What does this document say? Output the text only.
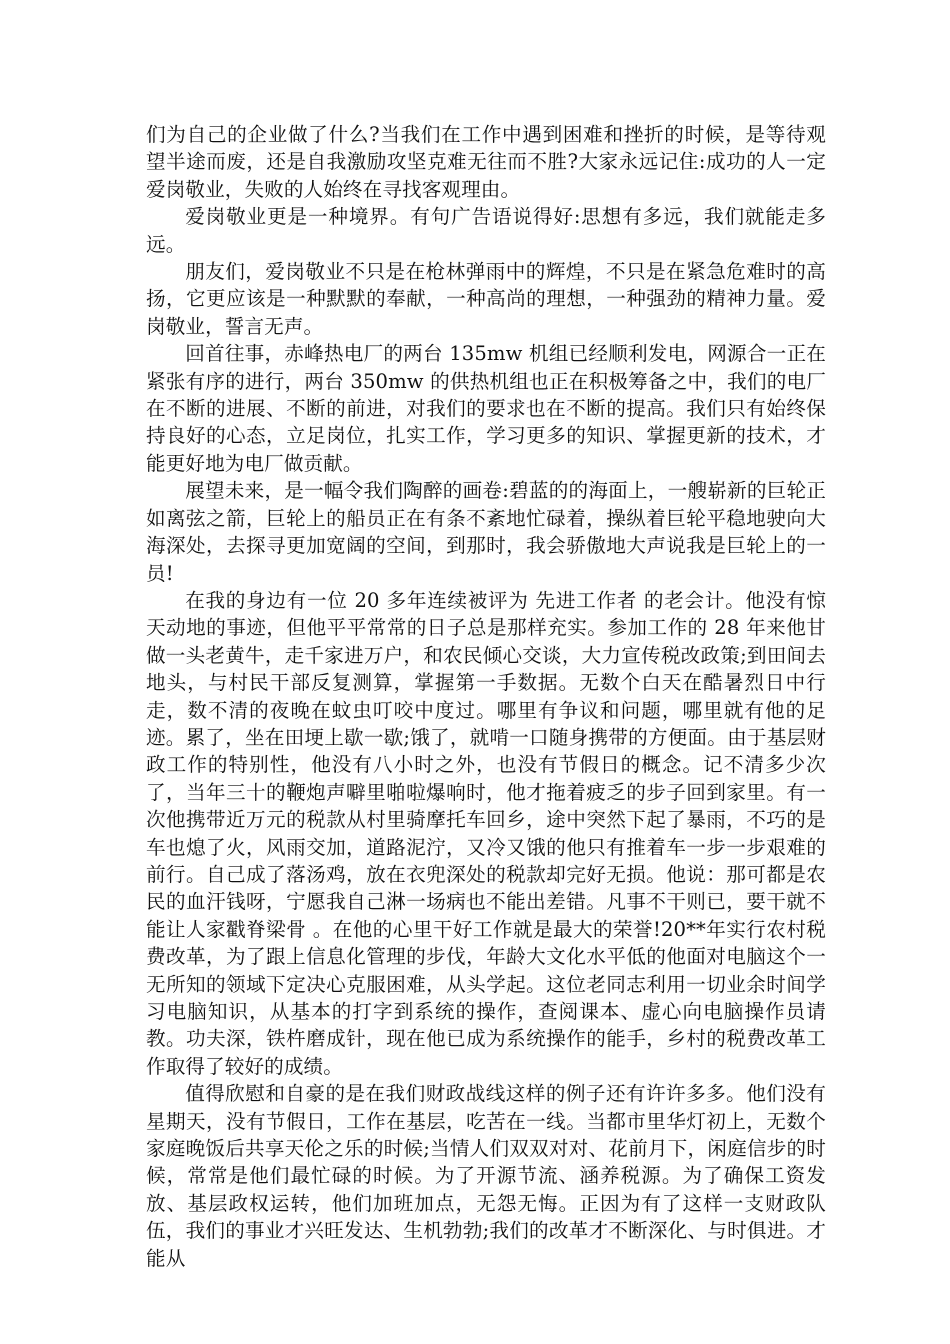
们为自己的企业做了什么?当我们在工作中遇到困难和挫折的时候，是等待观望半途而废，还是自我激励攻坚克难无往而不胜?大家永远记住:成功的人一定爱岗敬业，失败的人始终在寻找客观理由。

爱岗敬业更是一种境界。有句广告语说得好:思想有多远，我们就能走多远。

朋友们，爱岗敬业不只是在枪林弹雨中的辉煌，不只是在紧急危难时的高扬，它更应该是一种默默的奉献，一种高尚的理想，一种强劲的精神力量。爱岗敬业，誓言无声。

回首往事，赤峰热电厂的两台 135mw 机组已经顺利发电，网源合一正在紧张有序的进行，两台 350mw 的供热机组也正在积极筹备之中，我们的电厂在不断的进展、不断的前进，对我们的要求也在不断的提高。我们只有始终保持良好的心态，立足岗位，扎实工作，学习更多的知识、掌握更新的技术，才能更好地为电厂做贡献。

展望未来，是一幅令我们陶醉的画卷:碧蓝的的海面上，一艘崭新的巨轮正如离弦之箭，巨轮上的船员正在有条不紊地忙碌着，操纵着巨轮平稳地驶向大海深处，去探寻更加宽阔的空间，到那时，我会骄傲地大声说我是巨轮上的一员!

在我的身边有一位 20 多年连续被评为 先进工作者 的老会计。他没有惊天动地的事迹，但他平平常常的日子总是那样充实。参加工作的 28 年来他甘做一头老黄牛，走千家进万户，和农民倾心交谈，大力宣传税改政策;到田间去地头，与村民干部反复测算，掌握第一手数据。无数个白天在酷暑烈日中行走，数不清的夜晚在蚊虫叮咬中度过。哪里有争议和问题，哪里就有他的足迹。累了，坐在田埂上歇一歇;饿了，就啃一口随身携带的方便面。由于基层财政工作的特别性，他没有八小时之外，也没有节假日的概念。记不清多少次了，当年三十的鞭炮声噼里啪啦爆响时，他才拖着疲乏的步子回到家里。有一次他携带近万元的税款从村里骑摩托车回乡，途中突然下起了暴雨，不巧的是车也熄了火，风雨交加，道路泥泞，又冷又饿的他只有推着车一步一步艰难的前行。自己成了落汤鸡，放在衣兜深处的税款却完好无损。他说：那可都是农民的血汗钱呀，宁愿我自己淋一场病也不能出差错。凡事不干则已，要干就不能让人家戳脊梁骨 。在他的心里干好工作就是最大的荣誉!20**年实行农村税费改革，为了跟上信息化管理的步伐，年龄大文化水平低的他面对电脑这个一无所知的领域下定决心克服困难，从头学起。这位老同志利用一切业余时间学习电脑知识，从基本的打字到系统的操作，查阅课本、虚心向电脑操作员请教。功夫深，铁杵磨成针，现在他已成为系统操作的能手，乡村的税费改革工作取得了较好的成绩。

值得欣慰和自豪的是在我们财政战线这样的例子还有许许多多。他们没有星期天，没有节假日，工作在基层，吃苦在一线。当都市里华灯初上，无数个家庭晚饭后共享天伦之乐的时候;当情人们双双对对、花前月下，闲庭信步的时候，常常是他们最忙碌的时候。为了开源节流、涵养税源。为了确保工资发放、基层政权运转，他们加班加点，无怨无悔。正因为有了这样一支财政队伍，我们的事业才兴旺发达、生机勃勃;我们的改革才不断深化、与时俱进。才能从
